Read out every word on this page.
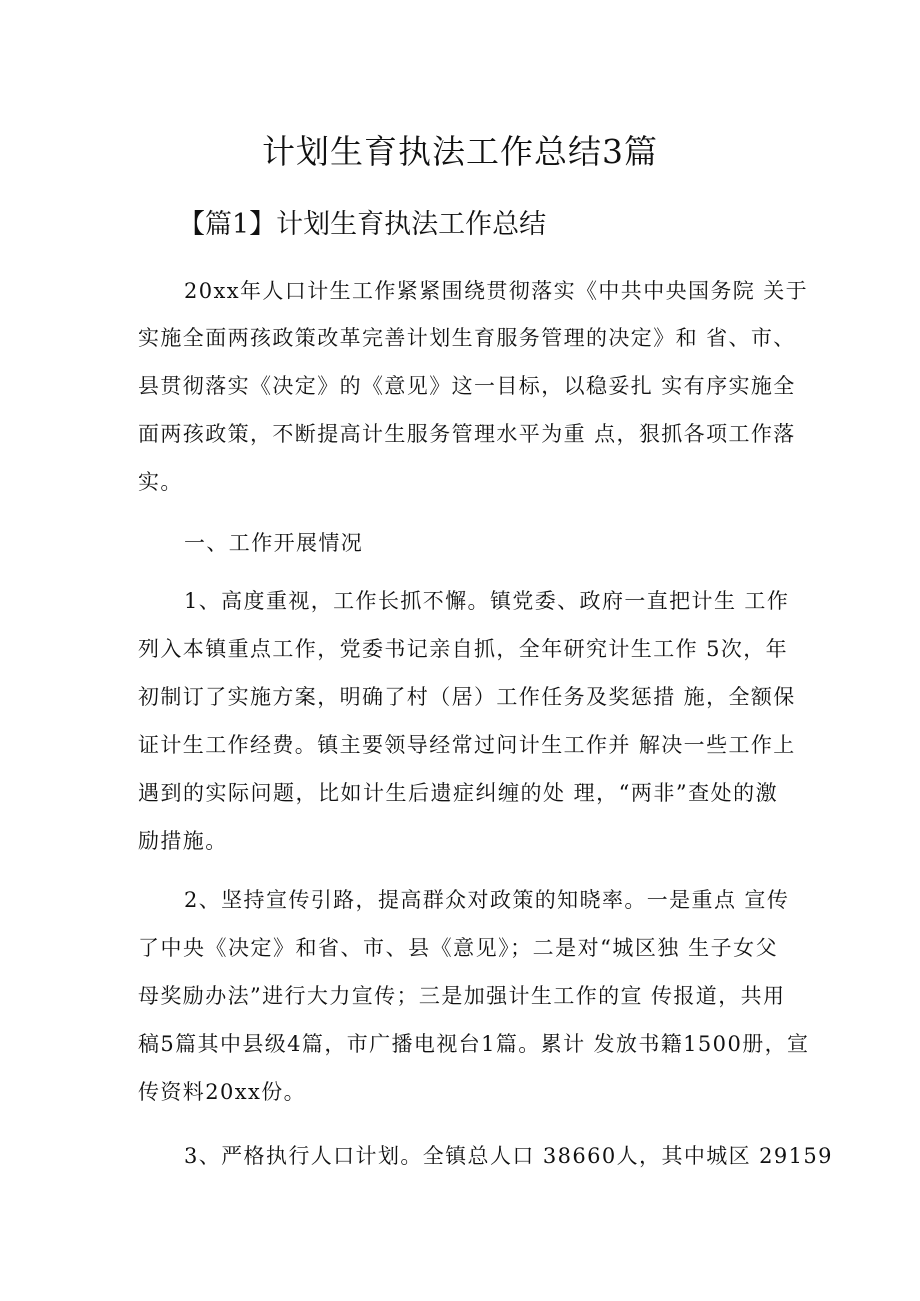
计划生育执法工作总结3篇
【篇1】计划生育执法工作总结
20xx年人口计生工作紧紧围绕贯彻落实《中共中央国务院 关于
实施全面两孩政策改革完善计划生育服务管理的决定》和 省、市、
县贯彻落实《决定》的《意见》这一目标，以稳妥扎 实有序实施全
面两孩政策，不断提高计生服务管理水平为重 点，狠抓各项工作落
实。
一、工作开展情况
1、高度重视，工作长抓不懈。镇党委、政府一直把计生 工作
列入本镇重点工作，党委书记亲自抓，全年研究计生工作 5次，年
初制订了实施方案，明确了村（居）工作任务及奖惩措 施，全额保
证计生工作经费。镇主要领导经常过问计生工作并 解决一些工作上
遇到的实际问题，比如计生后遗症纠缠的处 理，“两非”查处的激
励措施。
2、坚持宣传引路，提高群众对政策的知晓率。一是重点 宣传
了中央《决定》和省、市、县《意见》；二是对“城区独 生子女父
母奖励办法”进行大力宣传；三是加强计生工作的宣 传报道，共用
稿5篇其中县级4篇，市广播电视台1篇。累计 发放书籍1500册，宣
传资料20xx份。
3、严格执行人口计划。全镇总人口 38660人，其中城区 29159
